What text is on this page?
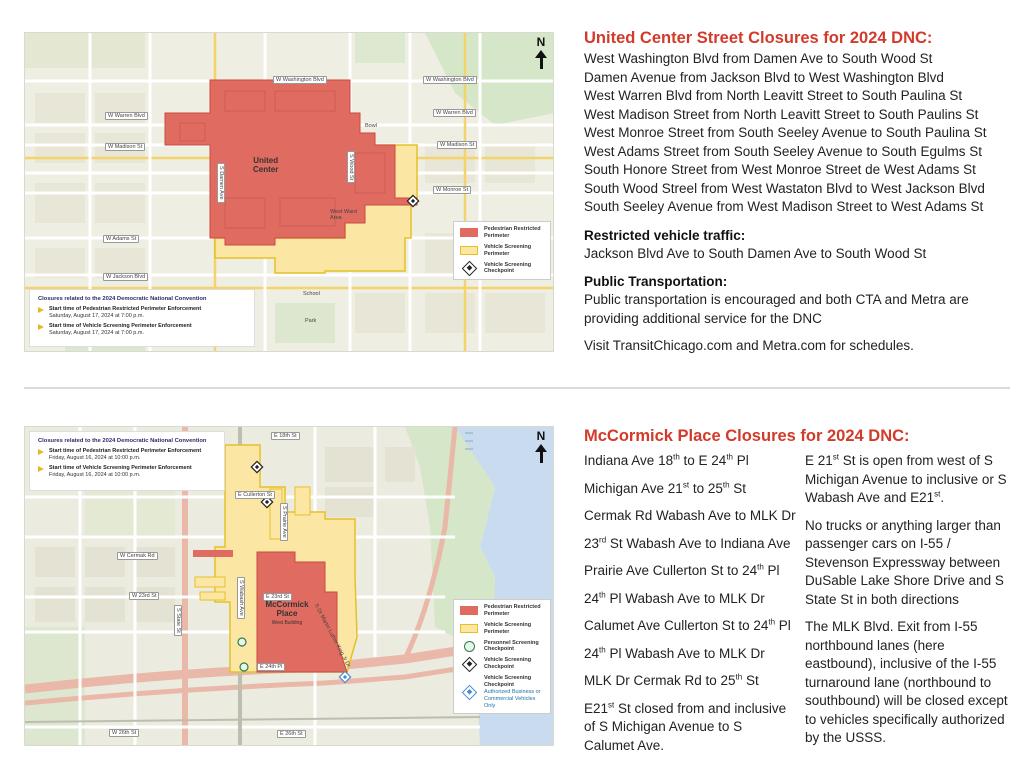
W Washington Blvd
W Washington Blvd
W Warren Blvd	W Warren Blvd
W Madison St	W Madison St
W Monroe St
W Adams St
W Jackson Blvd
S Damen Ave	S Wood St
Bowl
West Ward Area
School
Park
United
Center
N
Pedestrian Restricted
Perimeter
Vehicle Screening
Perimeter
Vehicle Screening
Checkpoint
Closures related to the 2024 Democratic National Convention
Start time of Pedestrian Restricted Perimeter Enforcement
Saturday, August 17, 2024 at 7:00 p.m.
Start time of Vehicle Screening Perimeter Enforcement
Saturday, August 17, 2024 at 7:00 p.m.
United Center Street Closures for 2024 DNC:

West Washington Blvd from Damen Ave to South Wood St

Damen Avenue from Jackson Blvd to West Washington Blvd

West Warren Blvd from North Leavitt Street to South Paulina St

West Madison Street from North Leavitt Street to South Paulins St

West Monroe Street from South Seeley Avenue to South Paulina St

West Adams Street from South Seeley Avenue to South Egulms St

South Honore Street from West Monroe Street de West Adams St

South Wood Streel from West Wastaton Blvd to West Jackson Blvd

South Seeley Avenue from West Madison Street to West Adams St

Restricted vehicle traffic:

Jackson Blvd Ave to South Damen Ave to South Wood St

Public Transportation:

Public transportation is encouraged and both CTA and Metra are providing additional service for the DNC

Visit TransitChicago.com and Metra.com for schedules.

E 18th St
E Cullerton St
W Cermak Rd
W 23rd St	E 23rd St
E 24th Pl
S Wabash Ave
S Prairie Ave
S State St	S Dr Martin Luther King Jr Dr
W 26th St	E 26th St
McCormick
Place
West Building
N
Pedestrian Restricted
Perimeter
Vehicle Screening
Perimeter
Personnel Screening
Checkpoint
Vehicle Screening
Checkpoint
Vehicle Screening
Checkpoint
Authorized Business or Commercial Vehicles Only
Closures related to the 2024 Democratic National Convention
Start time of Pedestrian Restricted Perimeter Enforcement
Friday, August 16, 2024 at 10:00 p.m.
Start time of Vehicle Screening Perimeter Enforcement
Friday, August 16, 2024 at 10:00 p.m.
McCormick Place Closures for 2024 DNC:

Indiana Ave 18th to E 24th Pl

Michigan Ave 21st to 25th St

Cermak Rd Wabash Ave to MLK Dr

23rd St Wabash Ave to Indiana Ave

Prairie Ave Cullerton St to 24th Pl

24th Pl Wabash Ave to MLK Dr

Calumet Ave Cullerton St to 24th Pl

24th Pl Wabash Ave to MLK Dr

MLK Dr Cermak Rd to 25th St

E21st St closed from and inclusive of S Michigan Avenue to S Calumet Ave.

E 21st St is open from west of S Michigan Avenue to inclusive or S Wabash Ave and E21st.

No trucks or anything larger than passenger cars on I-55 / Stevenson Expressway between DuSable Lake Shore Drive and S State St in both directions

The MLK Blvd. Exit from I-55 northbound lanes (here eastbound), inclusive of the I-55 turnaround lane (northbound to southbound) will be closed except to vehicles specifically authorized by the USSS.
